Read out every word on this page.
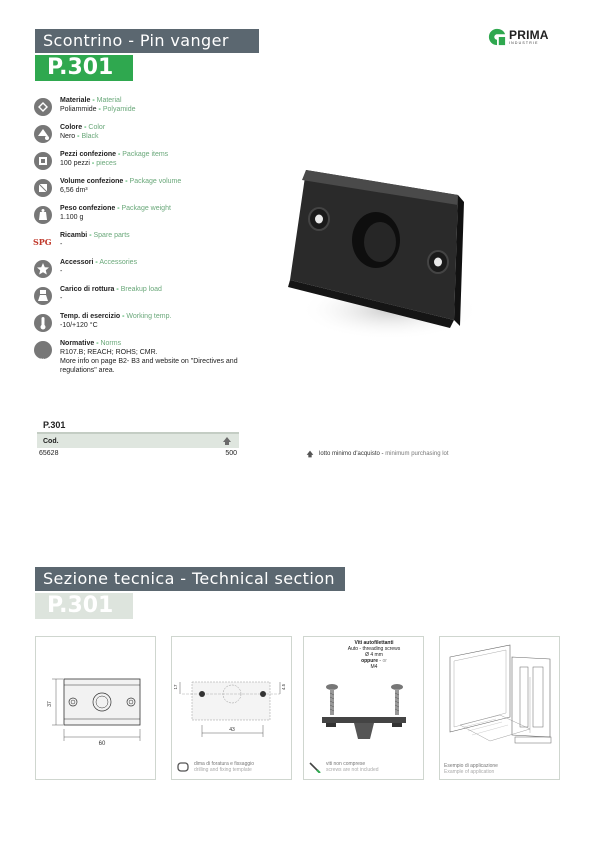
Scontrino - Pin vanger
P.301
PRIMA
INDUSTRIE
Materiale - Material
Poliammide - Polyamide
Colore - Color
Nero - Black
Pezzi confezione - Package items
100 pezzi - pieces
Volume confezione - Package volume
6,56 dm³
Peso confezione - Package weight
1.100 g
SPG
Ricambi - Spare parts
-
Accessori - Accessories
-
Carico di rottura - Breakup load
-
Temp. di esercizio - Working temp.
-10/+120 °C
$^{LEX}$
Normative - Norms
R107.B; REACH; ROHS; CMR.
More info on page B2- B3 and website on "Directives and regulations" area.
P.301
Cod.
65628	500	lotto minimo d'acquisto - minimum purchasing lot
Sezione tecnica - Technical section
P.301
60
37
43
17	4.5
dima di foratura e fissaggio
drilling and fixing template
Viti autofilettanti
Auto - threading screws
Ø 4 mm
oppure - or
M4
viti non comprese
screws are not included
Esempio di applicazione
Example of application
